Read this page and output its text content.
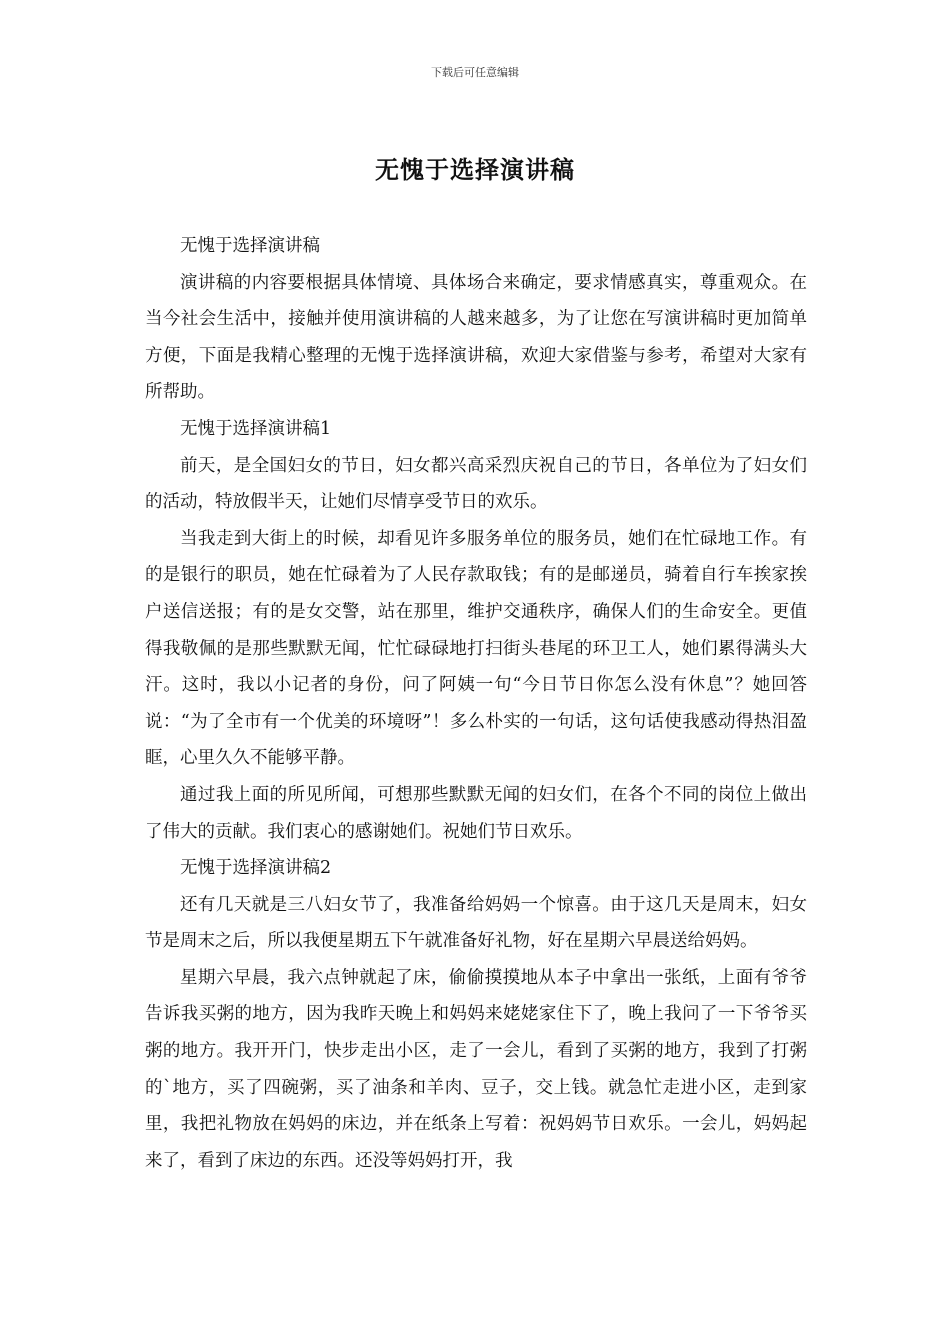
下载后可任意编辑
无愧于选择演讲稿

无愧于选择演讲稿

演讲稿的内容要根据具体情境、具体场合来确定，要求情感真实，尊重观众。在当今社会生活中，接触并使用演讲稿的人越来越多，为了让您在写演讲稿时更加简单方便，下面是我精心整理的无愧于选择演讲稿，欢迎大家借鉴与参考，希望对大家有所帮助。

无愧于选择演讲稿1

前天，是全国妇女的节日，妇女都兴高采烈庆祝自己的节日，各单位为了妇女们的活动，特放假半天，让她们尽情享受节日的欢乐。

当我走到大街上的时候，却看见许多服务单位的服务员，她们在忙碌地工作。有的是银行的职员，她在忙碌着为了人民存款取钱；有的是邮递员，骑着自行车挨家挨户送信送报；有的是女交警，站在那里，维护交通秩序，确保人们的生命安全。更值得我敬佩的是那些默默无闻，忙忙碌碌地打扫街头巷尾的环卫工人，她们累得满头大汗。这时，我以小记者的身份，问了阿姨一句“今日节日你怎么没有休息”？她回答说：“为了全市有一个优美的环境呀”！多么朴实的一句话，这句话使我感动得热泪盈眶，心里久久不能够平静。

通过我上面的所见所闻，可想那些默默无闻的妇女们，在各个不同的岗位上做出了伟大的贡献。我们衷心的感谢她们。祝她们节日欢乐。

无愧于选择演讲稿2

还有几天就是三八妇女节了，我准备给妈妈一个惊喜。由于这几天是周末，妇女节是周末之后，所以我便星期五下午就准备好礼物，好在星期六早晨送给妈妈。

星期六早晨，我六点钟就起了床，偷偷摸摸地从本子中拿出一张纸，上面有爷爷告诉我买粥的地方，因为我昨天晚上和妈妈来姥姥家住下了，晚上我问了一下爷爷买粥的地方。我开开门，快步走出小区，走了一会儿，看到了买粥的地方，我到了打粥的`地方，买了四碗粥，买了油条和羊肉、豆子，交上钱。就急忙走进小区，走到家里，我把礼物放在妈妈的床边，并在纸条上写着：祝妈妈节日欢乐。一会儿，妈妈起来了，看到了床边的东西。还没等妈妈打开，我
